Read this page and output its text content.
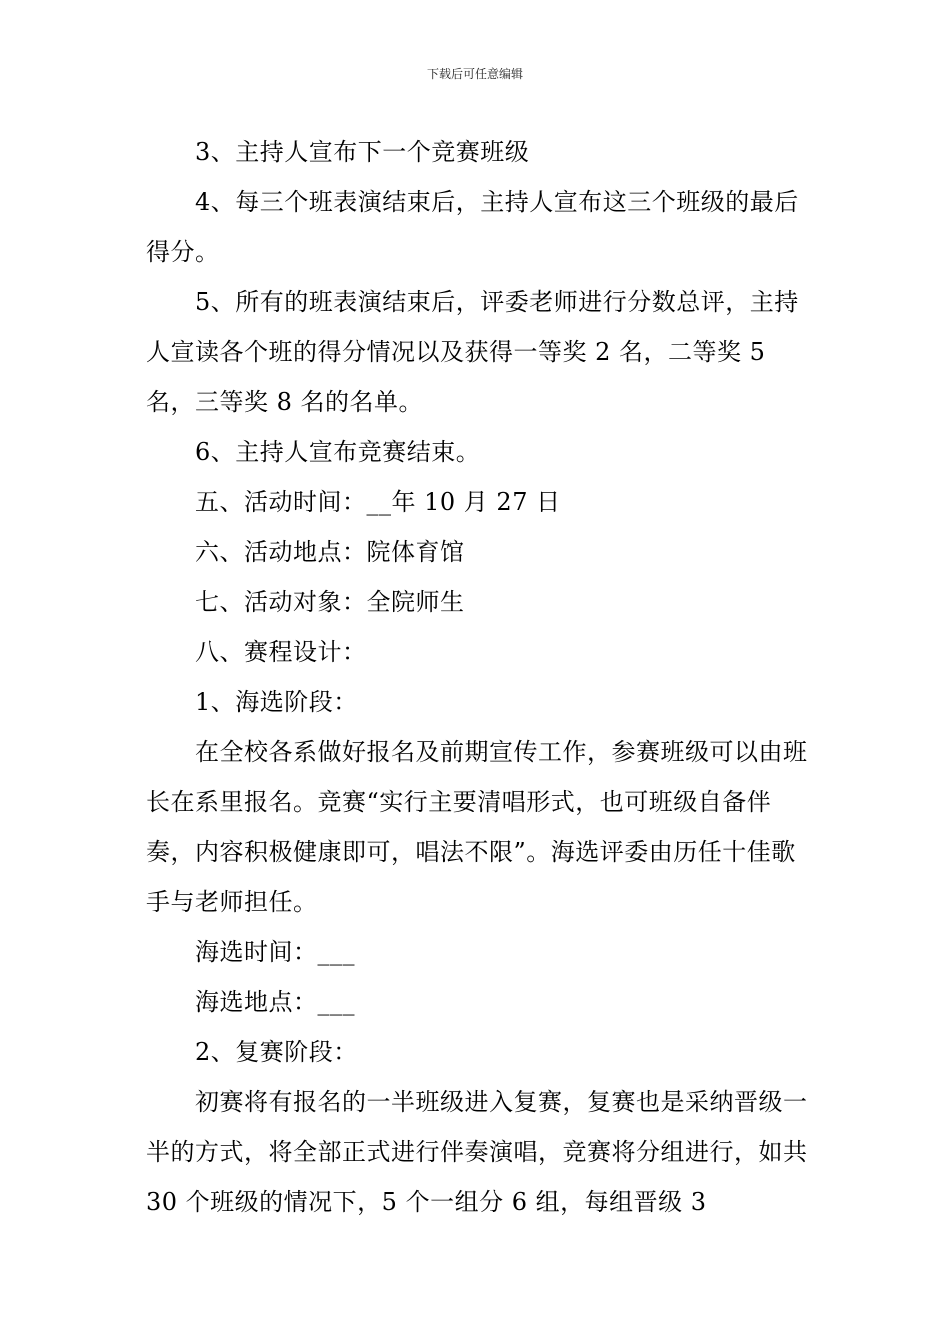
下载后可任意编辑

3、主持人宣布下一个竞赛班级

4、每三个班表演结束后，主持人宣布这三个班级的最后得分。

5、所有的班表演结束后，评委老师进行分数总评，主持人宣读各个班的得分情况以及获得一等奖 2 名，二等奖 5 名，三等奖 8 名的名单。

6、主持人宣布竞赛结束。

五、活动时间：__年 10 月 27 日

六、活动地点：院体育馆

七、活动对象：全院师生

八、赛程设计：

1、海选阶段：

在全校各系做好报名及前期宣传工作，参赛班级可以由班长在系里报名。竞赛“实行主要清唱形式，也可班级自备伴奏，内容积极健康即可，唱法不限”。海选评委由历任十佳歌手与老师担任。

海选时间：___

海选地点：___

2、复赛阶段：

初赛将有报名的一半班级进入复赛，复赛也是采纳晋级一半的方式，将全部正式进行伴奏演唱，竞赛将分组进行，如共 30 个班级的情况下，5 个一组分 6 组，每组晋级 3
